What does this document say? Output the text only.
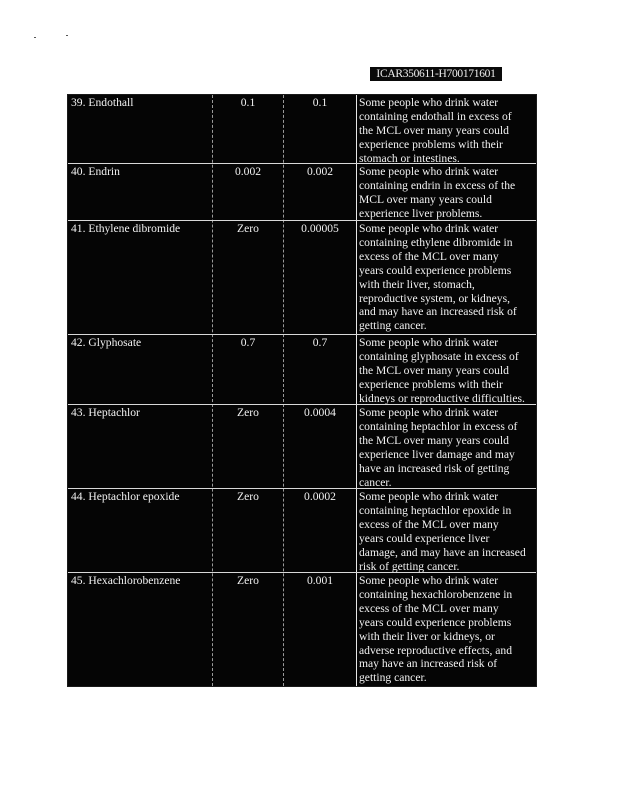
ICAR350611-H700171601
39. Endothall	0.1	0.1	Some people who drink water
containing endothall in excess of
the MCL over many years could
experience problems with their
stomach or intestines.
40. Endrin	0.002	0.002	Some people who drink water
containing endrin in excess of the
MCL over many years could
experience liver problems.
41. Ethylene dibromide	Zero	0.00005	Some people who drink water
containing ethylene dibromide in
excess of the MCL over many
years could experience problems
with their liver, stomach,
reproductive system, or kidneys,
and may have an increased risk of
getting cancer.
42. Glyphosate	0.7	0.7	Some people who drink water
containing glyphosate in excess of
the MCL over many years could
experience problems with their
kidneys or reproductive difficulties.
43. Heptachlor	Zero	0.0004	Some people who drink water
containing heptachlor in excess of
the MCL over many years could
experience liver damage and may
have an increased risk of getting
cancer.
44. Heptachlor epoxide	Zero	0.0002	Some people who drink water
containing heptachlor epoxide in
excess of the MCL over many
years could experience liver
damage, and may have an increased
risk of getting cancer.
45. Hexachlorobenzene	Zero	0.001	Some people who drink water
containing hexachlorobenzene in
excess of the MCL over many
years could experience problems
with their liver or kidneys, or
adverse reproductive effects, and
may have an increased risk of
getting cancer.
